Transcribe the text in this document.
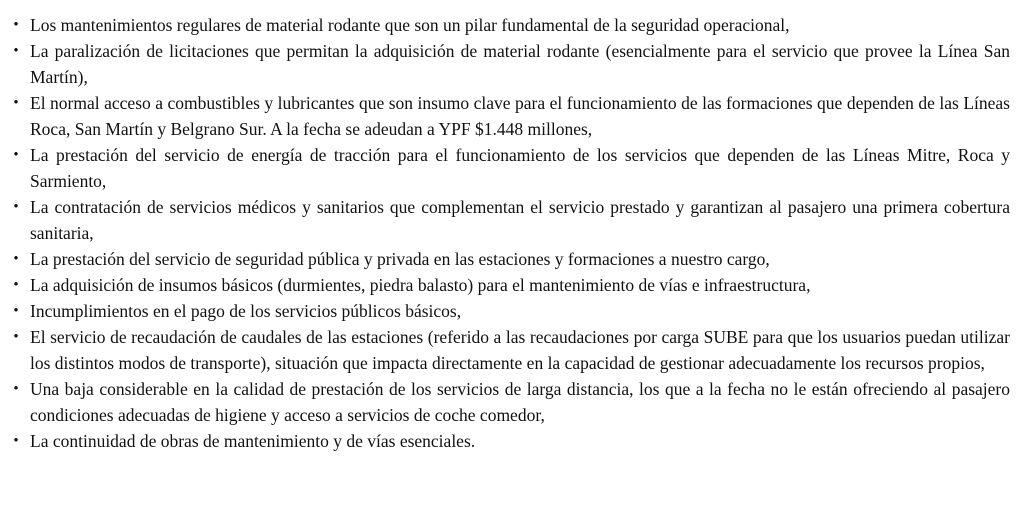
• Los mantenimientos regulares de material rodante que son un pilar fundamental de la seguridad operacional,
• La paralización de licitaciones que permitan la adquisición de material rodante (esencialmente para el servicio que provee la Línea San
Martín),
• El normal acceso a combustibles y lubricantes que son insumo clave para el funcionamiento de las formaciones que dependen de las Líneas
Roca, San Martín y Belgrano Sur. A la fecha se adeudan a YPF $1.448 millones,
• La prestación del servicio de energía de tracción para el funcionamiento de los servicios que dependen de las Líneas Mitre, Roca y
Sarmiento,
• La contratación de servicios médicos y sanitarios que complementan el servicio prestado y garantizan al pasajero una primera cobertura
sanitaria,
• La prestación del servicio de seguridad pública y privada en las estaciones y formaciones a nuestro cargo,
• La adquisición de insumos básicos (durmientes, piedra balasto) para el mantenimiento de vías e infraestructura,
• Incumplimientos en el pago de los servicios públicos básicos,
• El servicio de recaudación de caudales de las estaciones (referido a las recaudaciones por carga SUBE para que los usuarios puedan utilizar
los distintos modos de transporte), situación que impacta directamente en la capacidad de gestionar adecuadamente los recursos propios,
• Una baja considerable en la calidad de prestación de los servicios de larga distancia, los que a la fecha no le están ofreciendo al pasajero
condiciones adecuadas de higiene y acceso a servicios de coche comedor,
• La continuidad de obras de mantenimiento y de vías esenciales.
